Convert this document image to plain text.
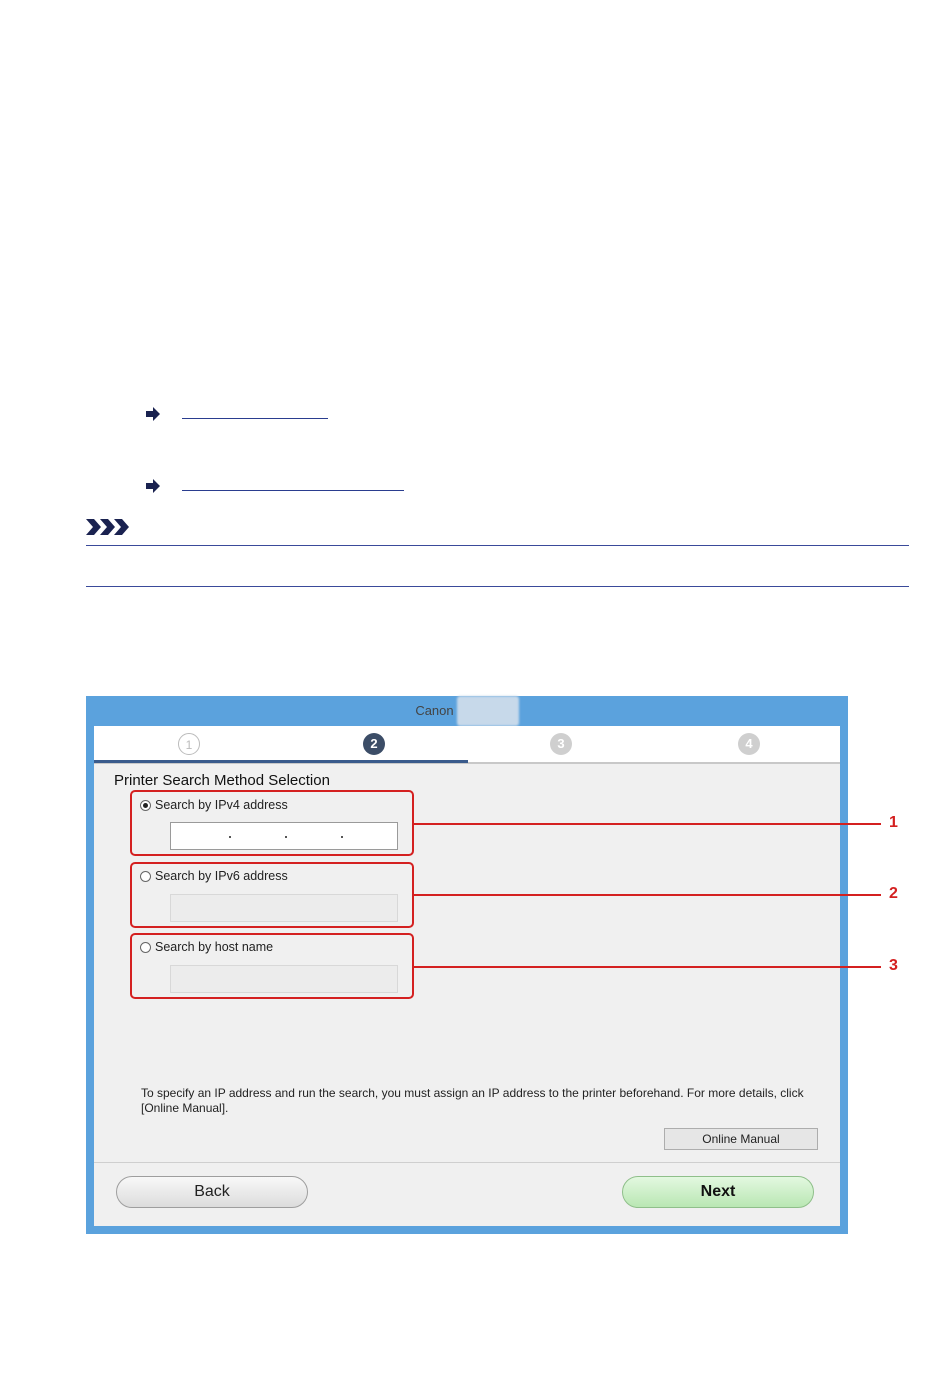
Canon
1	2	3	4
Printer Search Method Selection
Search by IPv4 address
Search by IPv6 address
Search by host name
To specify an IP address and run the search, you must assign an IP address to the printer beforehand. For more details, click [Online Manual].
Online Manual
Back	Next
1
2
3
